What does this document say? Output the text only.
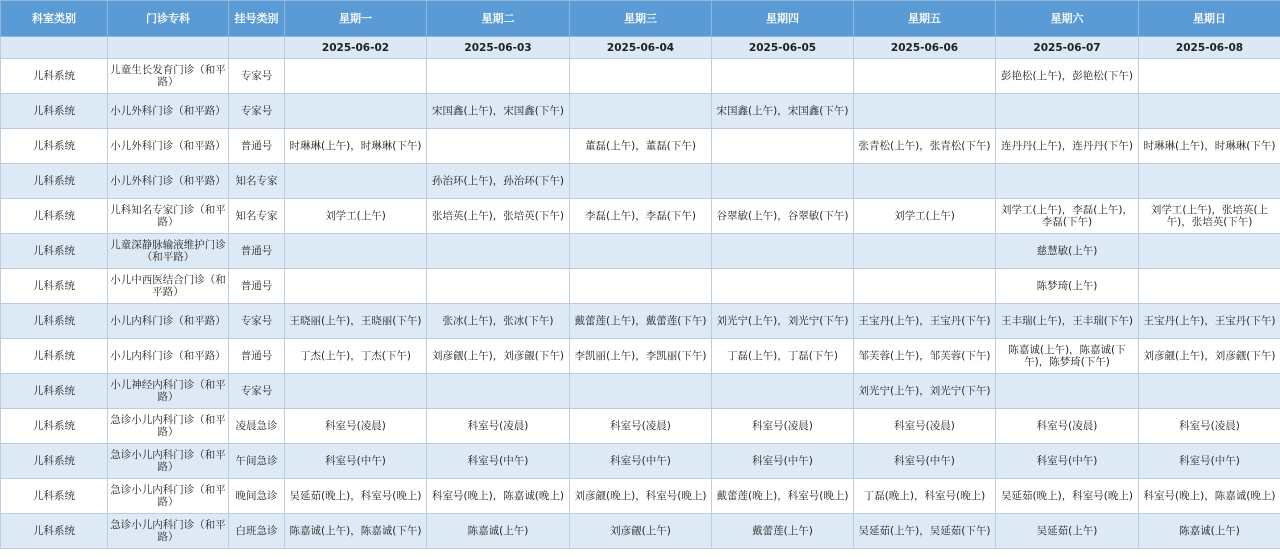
科室类别	门诊专科	挂号类别	星期一	星期二	星期三	星期四	星期五	星期六	星期日
			2025-06-02	2025-06-03	2025-06-04	2025-06-05	2025-06-06	2025-06-07	2025-06-08
儿科系统	儿童生长发育门诊（和平路）	专家号						彭艳松(上午)，彭艳松(下午)	
儿科系统	小儿外科门诊（和平路）	专家号		宋国鑫(上午)，宋国鑫(下午)		宋国鑫(上午)，宋国鑫(下午)			
儿科系统	小儿外科门诊（和平路）	普通号	时琳琳(上午)，时琳琳(下午)		董磊(上午)，董磊(下午)		张青松(上午)，张青松(下午)	连丹丹(上午)，连丹丹(下午)	时琳琳(上午)，时琳琳(下午)
儿科系统	小儿外科门诊（和平路）	知名专家		孙治环(上午)，孙治环(下午)					
儿科系统	儿科知名专家门诊（和平路）	知名专家	刘学工(上午)	张培英(上午)，张培英(下午)	李磊(上午)，李磊(下午)	谷翠敏(上午)，谷翠敏(下午)	刘学工(上午)	刘学工(上午)，李磊(上午)，李磊(下午)	刘学工(上午)，张培英(上午)，张培英(下午)
儿科系统	儿童深静脉输液维护门诊（和平路）	普通号						慈慧敏(上午)	
儿科系统	小儿中西医结合门诊（和平路）	普通号						陈梦琦(上午)	
儿科系统	小儿内科门诊（和平路）	专家号	王晓丽(上午)，王晓丽(下午)	张冰(上午)，张冰(下午)	戴蕾莲(上午)，戴蕾莲(下午)	刘光宁(上午)，刘光宁(下午)	王宝丹(上午)，王宝丹(下午)	王丰瑞(上午)，王丰瑞(下午)	王宝丹(上午)，王宝丹(下午)
儿科系统	小儿内科门诊（和平路）	普通号	丁杰(上午)，丁杰(下午)	刘彦觎(上午)，刘彦觎(下午)	李凯丽(上午)，李凯丽(下午)	丁磊(上午)，丁磊(下午)	邹芙蓉(上午)，邹芙蓉(下午)	陈嘉诚(上午)，陈嘉诚(下午)，陈梦琦(下午)	刘彦觎(上午)，刘彦觎(下午)
儿科系统	小儿神经内科门诊（和平路）	专家号					刘光宁(上午)，刘光宁(下午)		
儿科系统	急诊小儿内科门诊（和平路）	凌晨急诊	科室号(凌晨)	科室号(凌晨)	科室号(凌晨)	科室号(凌晨)	科室号(凌晨)	科室号(凌晨)	科室号(凌晨)
儿科系统	急诊小儿内科门诊（和平路）	午间急诊	科室号(中午)	科室号(中午)	科室号(中午)	科室号(中午)	科室号(中午)	科室号(中午)	科室号(中午)
儿科系统	急诊小儿内科门诊（和平路）	晚间急诊	吴延茹(晚上)，科室号(晚上)	科室号(晚上)，陈嘉诚(晚上)	刘彦觎(晚上)，科室号(晚上)	戴蕾莲(晚上)，科室号(晚上)	丁磊(晚上)，科室号(晚上)	吴延茹(晚上)，科室号(晚上)	科室号(晚上)，陈嘉诚(晚上)
儿科系统	急诊小儿内科门诊（和平路）	白班急诊	陈嘉诚(上午)，陈嘉诚(下午)	陈嘉诚(上午)	刘彦觎(上午)	戴蕾莲(上午)	吴延茹(上午)，吴延茹(下午)	吴延茹(上午)	陈嘉诚(上午)
